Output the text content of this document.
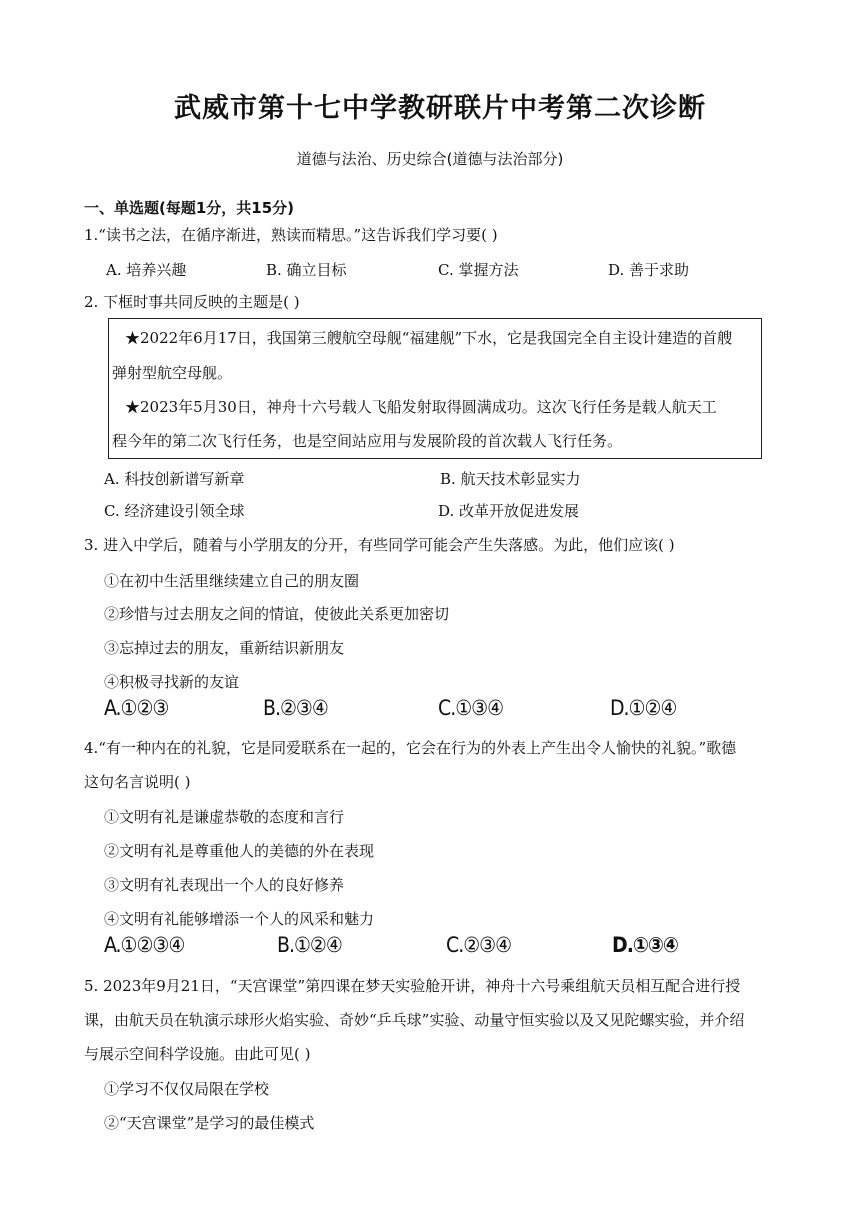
武威市第十七中学教研联片中考第二次诊断
道德与法治、历史综合(道德与法治部分)
一、单选题(每题1分，共15分)
1.“读书之法，在循序渐进，熟读而精思。”这告诉我们学习要( )
A. 培养兴趣	B. 确立目标	C. 掌握方法	D. 善于求助
2. 下框时事共同反映的主题是( )
★2022年6月17日，我国第三艘航空母舰“福建舰”下水，它是我国完全自主设计建造的首艘
弹射型航空母舰。
★2023年5月30日，神舟十六号载人飞船发射取得圆满成功。这次飞行任务是载人航天工
程今年的第二次飞行任务，也是空间站应用与发展阶段的首次载人飞行任务。
A. 科技创新谱写新章	B. 航天技术彰显实力
C. 经济建设引领全球	D. 改革开放促进发展
3. 进入中学后，随着与小学朋友的分开，有些同学可能会产生失落感。为此，他们应该( )
①在初中生活里继续建立自己的朋友圈
②珍惜与过去朋友之间的情谊，使彼此关系更加密切
③忘掉过去的朋友，重新结识新朋友
④积极寻找新的友谊
A.①②③	B.②③④	C.①③④	D.①②④
4.“有一种内在的礼貌，它是同爱联系在一起的，它会在行为的外表上产生出令人愉快的礼貌。”歌德
这句名言说明( )
①文明有礼是谦虚恭敬的态度和言行
②文明有礼是尊重他人的美德的外在表现
③文明有礼表现出一个人的良好修养
④文明有礼能够增添一个人的风采和魅力
A.①②③④	B.①②④	C.②③④	D.①③④
5. 2023年9月21日，“天宫课堂”第四课在梦天实验舱开讲，神舟十六号乘组航天员相互配合进行授
课，由航天员在轨演示球形火焰实验、奇妙“乒乓球”实验、动量守恒实验以及又见陀螺实验，并介绍
与展示空间科学设施。由此可见( )
①学习不仅仅局限在学校
②“天宫课堂”是学习的最佳模式
